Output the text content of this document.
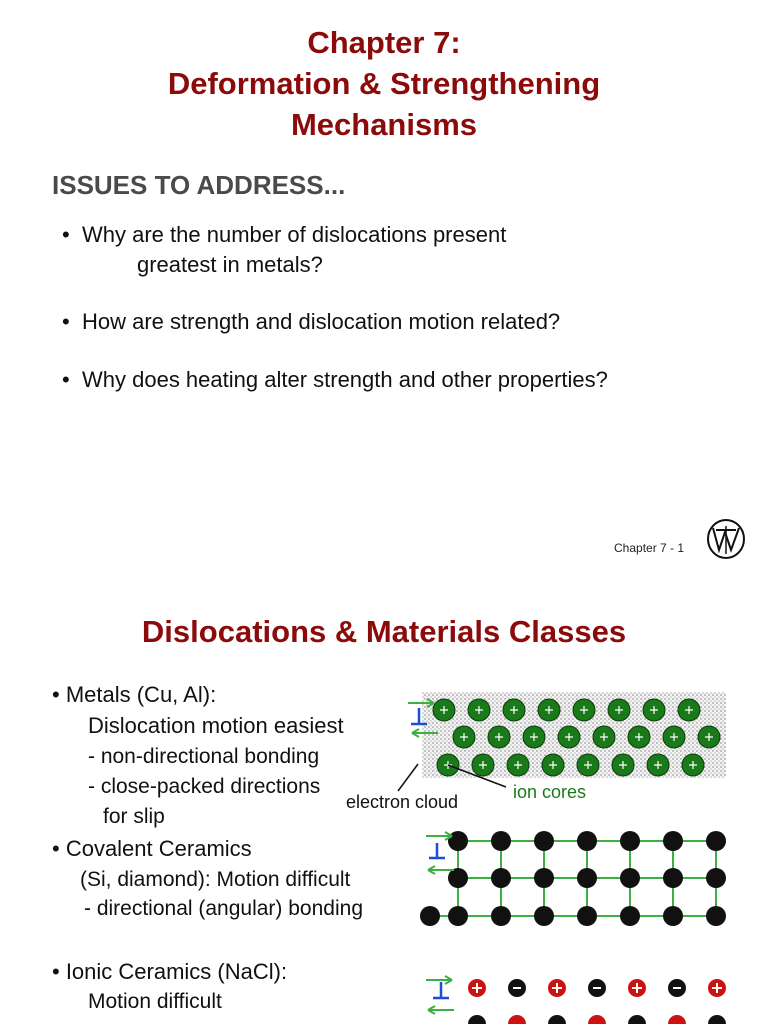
Chapter 7:
Deformation & Strengthening
Mechanisms
ISSUES TO ADDRESS...
• Why are the number of dislocations present
greatest in metals?
• How are strength and dislocation motion related?
• Why does heating alter strength and other properties?
Chapter 7 - 1
Dislocations & Materials Classes
• Metals (Cu, Al):
Dislocation motion easiest
- non-directional bonding
- close-packed directions
for slip
electron cloud	ion cores
• Covalent Ceramics
(Si, diamond): Motion difficult
- directional (angular) bonding
• Ionic Ceramics (NaCl):
Motion difficult
